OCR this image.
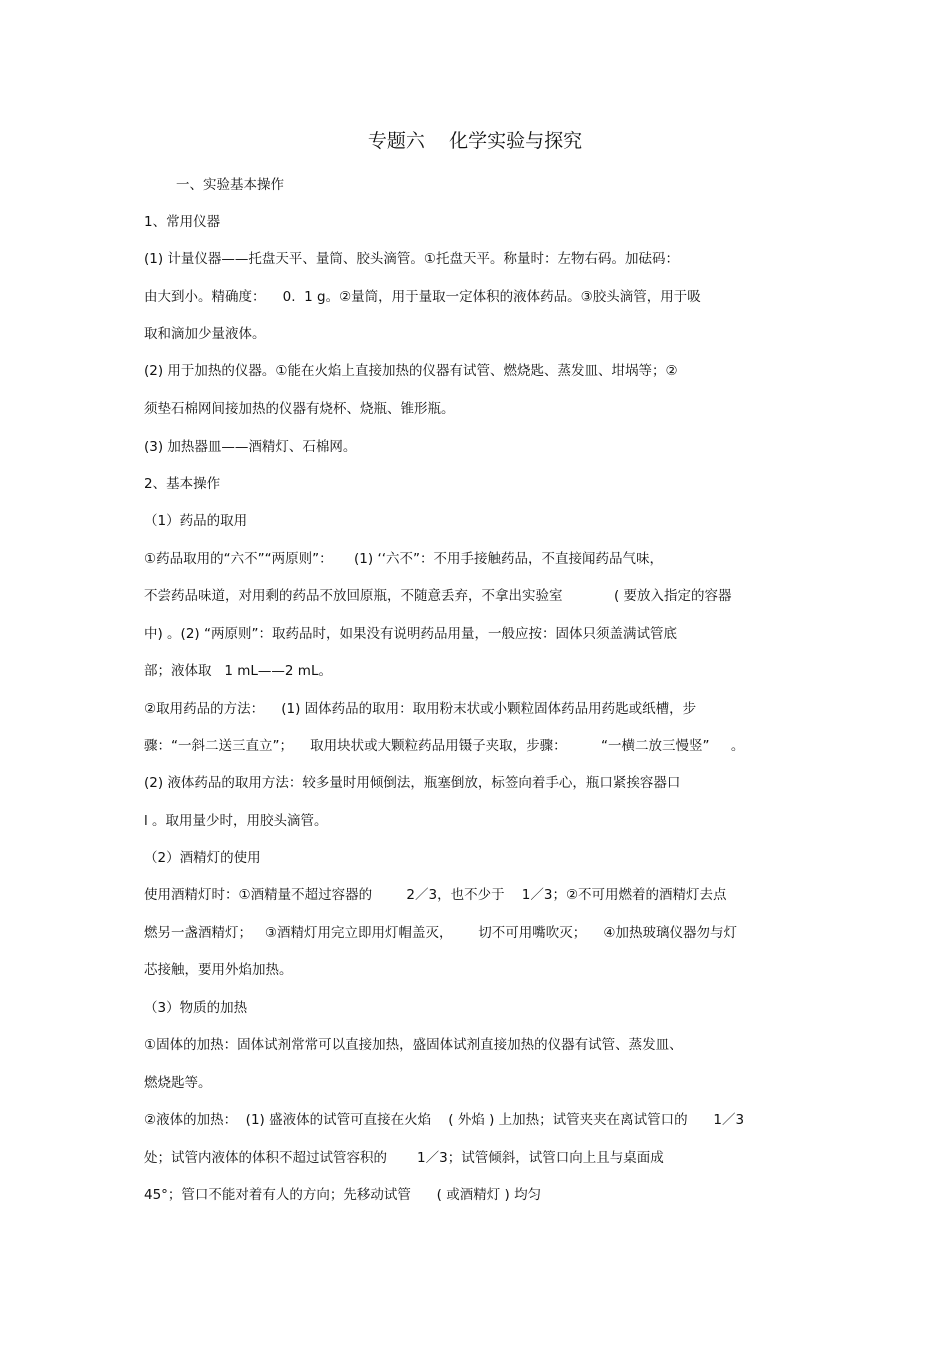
专题六    化学实验与探究
一、实验基本操作
1、常用仪器
(1) 计量仪器——托盘天平、量筒、胶头滴管。①托盘天平。称量时：左物右码。加砝码：
由大到小。精确度：    0.  1 g。②量筒，用于量取一定体积的液体药品。③胶头滴管，用于吸
取和滴加少量液体。
(2) 用于加热的仪器。①能在火焰上直接加热的仪器有试管、燃烧匙、蒸发皿、坩埚等；②
须垫石棉网间接加热的仪器有烧杯、烧瓶、锥形瓶。
(3) 加热器皿——酒精灯、石棉网。
2、基本操作
（1）药品的取用
①药品取用的“六不”“两原则”：     (1) ‘‘六不”：不用手接触药品，不直接闻药品气味，
不尝药品味道，对用剩的药品不放回原瓶，不随意丢弃，不拿出实验室            ( 要放入指定的容器
中) 。(2) “两原则”：取药品时，如果没有说明药品用量，一般应按：固体只须盖满试管底
部；液体取   1 mL——2 mL。
②取用药品的方法：    (1) 固体药品的取用：取用粉末状或小颗粒固体药品用药匙或纸槽，步
骤：“一斜二送三直立”；    取用块状或大颗粒药品用镊子夹取，步骤：        “一横二放三慢竖”     。
(2) 液体药品的取用方法：较多量时用倾倒法，瓶塞倒放，标签向着手心，瓶口紧挨容器口
l 。取用量少时，用胶头滴管。
（2）酒精灯的使用
使用酒精灯时：①酒精量不超过容器的        2／3，也不少于    1／3；②不可用燃着的酒精灯去点
燃另一盏酒精灯；   ③酒精灯用完立即用灯帽盖灭，      切不可用嘴吹灭；    ④加热玻璃仪器勿与灯
芯接触，要用外焰加热。
（3）物质的加热
①固体的加热：固体试剂常常可以直接加热，盛固体试剂直接加热的仪器有试管、蒸发皿、
燃烧匙等。
②液体的加热：  (1) 盛液体的试管可直接在火焰    ( 外焰 ) 上加热；试管夹夹在离试管口的      1／3
处；试管内液体的体积不超过试管容积的       1／3；试管倾斜，试管口向上且与桌面成
45°；管口不能对着有人的方向；先移动试管      ( 或酒精灯 ) 均匀
